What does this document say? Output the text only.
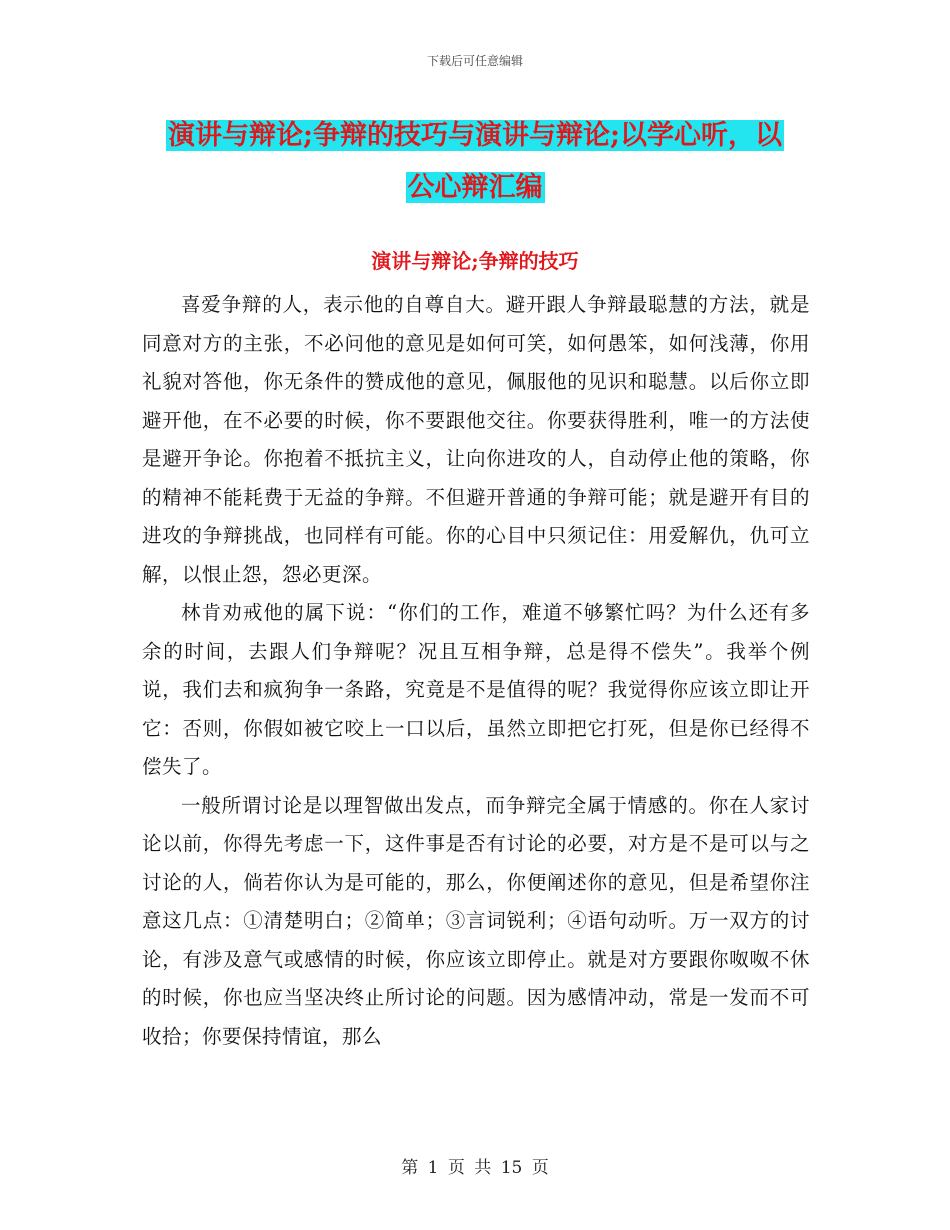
下载后可任意编辑
演讲与辩论;争辩的技巧与演讲与辩论;以学心听，以
公心辩汇编
演讲与辩论;争辩的技巧

喜爱争辩的人，表示他的自尊自大。避开跟人争辩最聪慧的方法，就是同意对方的主张，不必问他的意见是如何可笑，如何愚笨，如何浅薄，你用礼貌对答他，你无条件的赞成他的意见，佩服他的见识和聪慧。以后你立即避开他，在不必要的时候，你不要跟他交往。你要获得胜利，唯一的方法使是避开争论。你抱着不抵抗主义，让向你进攻的人，自动停止他的策略，你的精神不能耗费于无益的争辩。不但避开普通的争辩可能；就是避开有目的进攻的争辩挑战，也同样有可能。你的心目中只须记住：用爱解仇，仇可立解，以恨止怨，怨必更深。

林肯劝戒他的属下说：“你们的工作，难道不够繁忙吗？为什么还有多余的时间，去跟人们争辩呢？况且互相争辩，总是得不偿失”。我举个例说，我们去和疯狗争一条路，究竟是不是值得的呢？我觉得你应该立即让开它：否则，你假如被它咬上一口以后，虽然立即把它打死，但是你已经得不偿失了。

一般所谓讨论是以理智做出发点，而争辩完全属于情感的。你在人家讨论以前，你得先考虑一下，这件事是否有讨论的必要，对方是不是可以与之讨论的人，倘若你认为是可能的，那么，你便阐述你的意见，但是希望你注意这几点：①清楚明白；②简单；③言词锐利；④语句动听。万一双方的讨论，有涉及意气或感情的时候，你应该立即停止。就是对方要跟你呶呶不休的时候，你也应当坚决终止所讨论的问题。因为感情冲动，常是一发而不可收拾；你要保持情谊，那么

第 1 页 共 15 页
